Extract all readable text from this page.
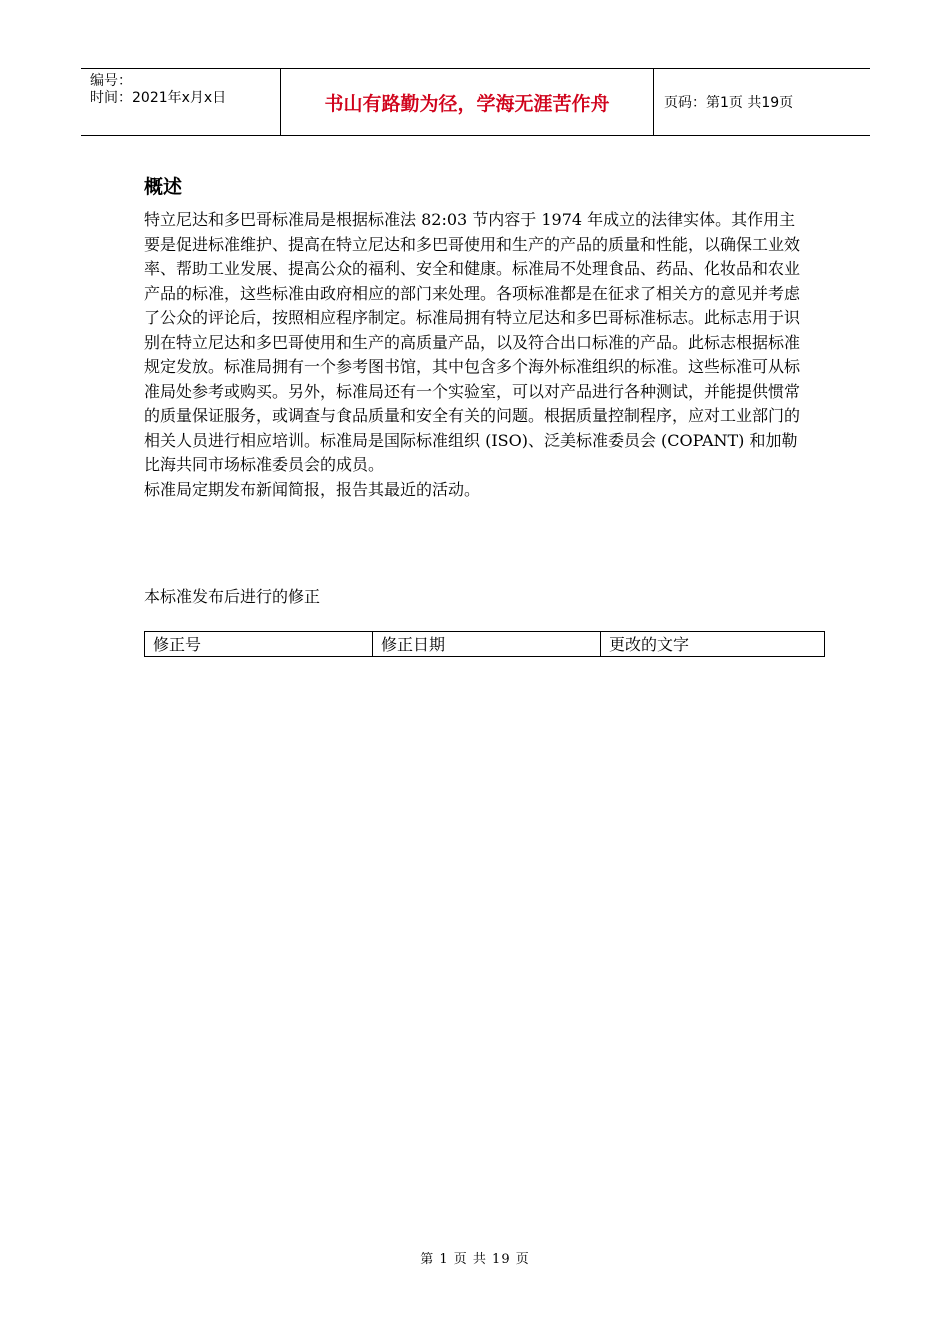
编号：
时间：2021年x月x日	书山有路勤为径，学海无涯苦作舟	页码：第1页 共19页
概述

特立尼达和多巴哥标准局是根据标准法 82:03 节内容于 1974 年成立的法律实体。其作用主要是促进标准维护、提高在特立尼达和多巴哥使用和生产的产品的质量和性能，以确保工业效率、帮助工业发展、提高公众的福利、安全和健康。标准局不处理食品、药品、化妆品和农业产品的标准，这些标准由政府相应的部门来处理。各项标准都是在征求了相关方的意见并考虑了公众的评论后，按照相应程序制定。标准局拥有特立尼达和多巴哥标准标志。此标志用于识别在特立尼达和多巴哥使用和生产的高质量产品，以及符合出口标准的产品。此标志根据标准规定发放。标准局拥有一个参考图书馆，其中包含多个海外标准组织的标准。这些标准可从标准局处参考或购买。另外，标准局还有一个实验室，可以对产品进行各种测试，并能提供惯常的质量保证服务，或调查与食品质量和安全有关的问题。根据质量控制程序，应对工业部门的相关人员进行相应培训。标准局是国际标准组织 (ISO)、泛美标准委员会 (COPANT) 和加勒比海共同市场标准委员会的成员。

标准局定期发布新闻简报，报告其最近的活动。

本标准发布后进行的修正
修正号	修正日期	更改的文字
第 1 页 共 19 页
